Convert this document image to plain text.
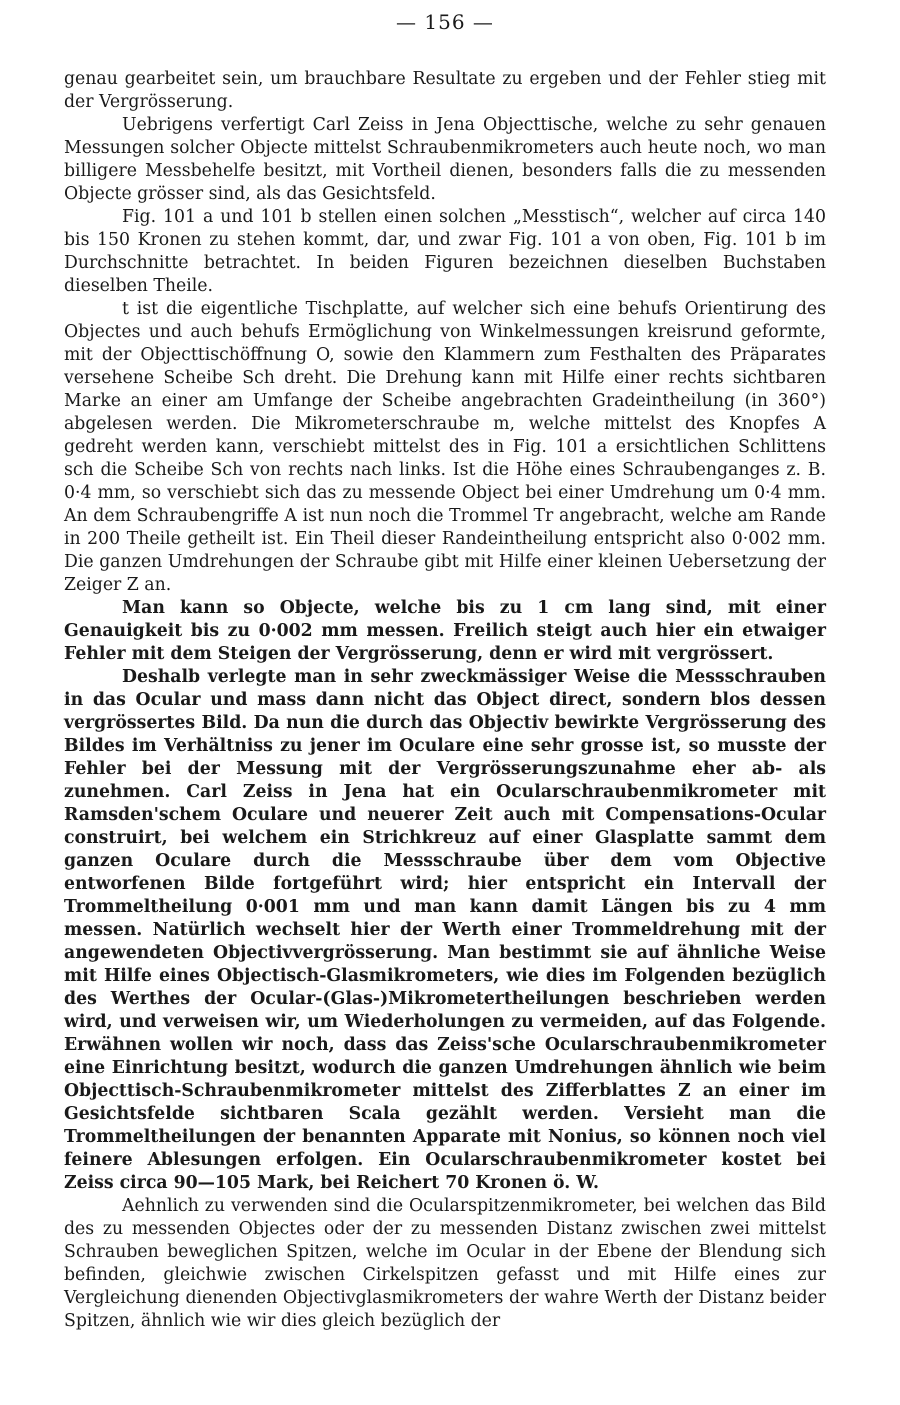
— 156 —

genau gearbeitet sein, um brauchbare Resultate zu ergeben und der Fehler stieg mit der Vergrösserung.

Uebrigens verfertigt Carl Zeiss in Jena Objecttische, welche zu sehr genauen Messungen solcher Objecte mittelst Schraubenmikrometers auch heute noch, wo man billigere Messbehelfe besitzt, mit Vortheil dienen, besonders falls die zu messenden Objecte grösser sind, als das Gesichtsfeld.

Fig. 101 a und 101 b stellen einen solchen „Messtisch“, welcher auf circa 140 bis 150 Kronen zu stehen kommt, dar, und zwar Fig. 101 a von oben, Fig. 101 b im Durchschnitte betrachtet. In beiden Figuren bezeichnen dieselben Buchstaben dieselben Theile.

t ist die eigentliche Tischplatte, auf welcher sich eine behufs Orientirung des Objectes und auch behufs Ermöglichung von Winkelmessungen kreisrund geformte, mit der Objecttischöffnung O, sowie den Klammern zum Festhalten des Präparates versehene Scheibe Sch dreht. Die Drehung kann mit Hilfe einer rechts sichtbaren Marke an einer am Umfange der Scheibe angebrachten Gradeintheilung (in 360°) abgelesen werden. Die Mikrometerschraube m, welche mittelst des Knopfes A gedreht werden kann, verschiebt mittelst des in Fig. 101 a ersichtlichen Schlittens sch die Scheibe Sch von rechts nach links. Ist die Höhe eines Schraubenganges z. B. 0·4 mm, so verschiebt sich das zu messende Object bei einer Umdrehung um 0·4 mm. An dem Schraubengriffe A ist nun noch die Trommel Tr angebracht, welche am Rande in 200 Theile getheilt ist. Ein Theil dieser Randeintheilung entspricht also 0·002 mm. Die ganzen Umdrehungen der Schraube gibt mit Hilfe einer kleinen Uebersetzung der Zeiger Z an.

Man kann so Objecte, welche bis zu 1 cm lang sind, mit einer Genauigkeit bis zu 0·002 mm messen. Freilich steigt auch hier ein etwaiger Fehler mit dem Steigen der Vergrösserung, denn er wird mit vergrössert.

Deshalb verlegte man in sehr zweckmässiger Weise die Messschrauben in das Ocular und mass dann nicht das Object direct, sondern blos dessen vergrössertes Bild. Da nun die durch das Objectiv bewirkte Vergrösserung des Bildes im Verhältniss zu jener im Oculare eine sehr grosse ist, so musste der Fehler bei der Messung mit der Vergrösserungszunahme eher ab- als zunehmen. Carl Zeiss in Jena hat ein Ocularschraubenmikrometer mit Ramsden'schem Oculare und neuerer Zeit auch mit Compensations-Ocular construirt, bei welchem ein Strichkreuz auf einer Glasplatte sammt dem ganzen Oculare durch die Messschraube über dem vom Objective entworfenen Bilde fortgeführt wird; hier entspricht ein Intervall der Trommeltheilung 0·001 mm und man kann damit Längen bis zu 4 mm messen. Natürlich wechselt hier der Werth einer Trommeldrehung mit der angewendeten Objectivvergrösserung. Man bestimmt sie auf ähnliche Weise mit Hilfe eines Objectisch-Glasmikrometers, wie dies im Folgenden bezüglich des Werthes der Ocular-(Glas-)Mikrometertheilungen beschrieben werden wird, und verweisen wir, um Wiederholungen zu vermeiden, auf das Folgende. Erwähnen wollen wir noch, dass das Zeiss'sche Ocularschraubenmikrometer eine Einrichtung besitzt, wodurch die ganzen Umdrehungen ähnlich wie beim Objecttisch-Schraubenmikrometer mittelst des Zifferblattes Z an einer im Gesichtsfelde sichtbaren Scala gezählt werden. Versieht man die Trommeltheilungen der benannten Apparate mit Nonius, so können noch viel feinere Ablesungen erfolgen. Ein Ocularschraubenmikrometer kostet bei Zeiss circa 90—105 Mark, bei Reichert 70 Kronen ö. W.

Aehnlich zu verwenden sind die Ocularspitzenmikrometer, bei welchen das Bild des zu messenden Objectes oder der zu messenden Distanz zwischen zwei mittelst Schrauben beweglichen Spitzen, welche im Ocular in der Ebene der Blendung sich befinden, gleichwie zwischen Cirkelspitzen gefasst und mit Hilfe eines zur Vergleichung dienenden Objectivglasmikrometers der wahre Werth der Distanz beider Spitzen, ähnlich wie wir dies gleich bezüglich der
